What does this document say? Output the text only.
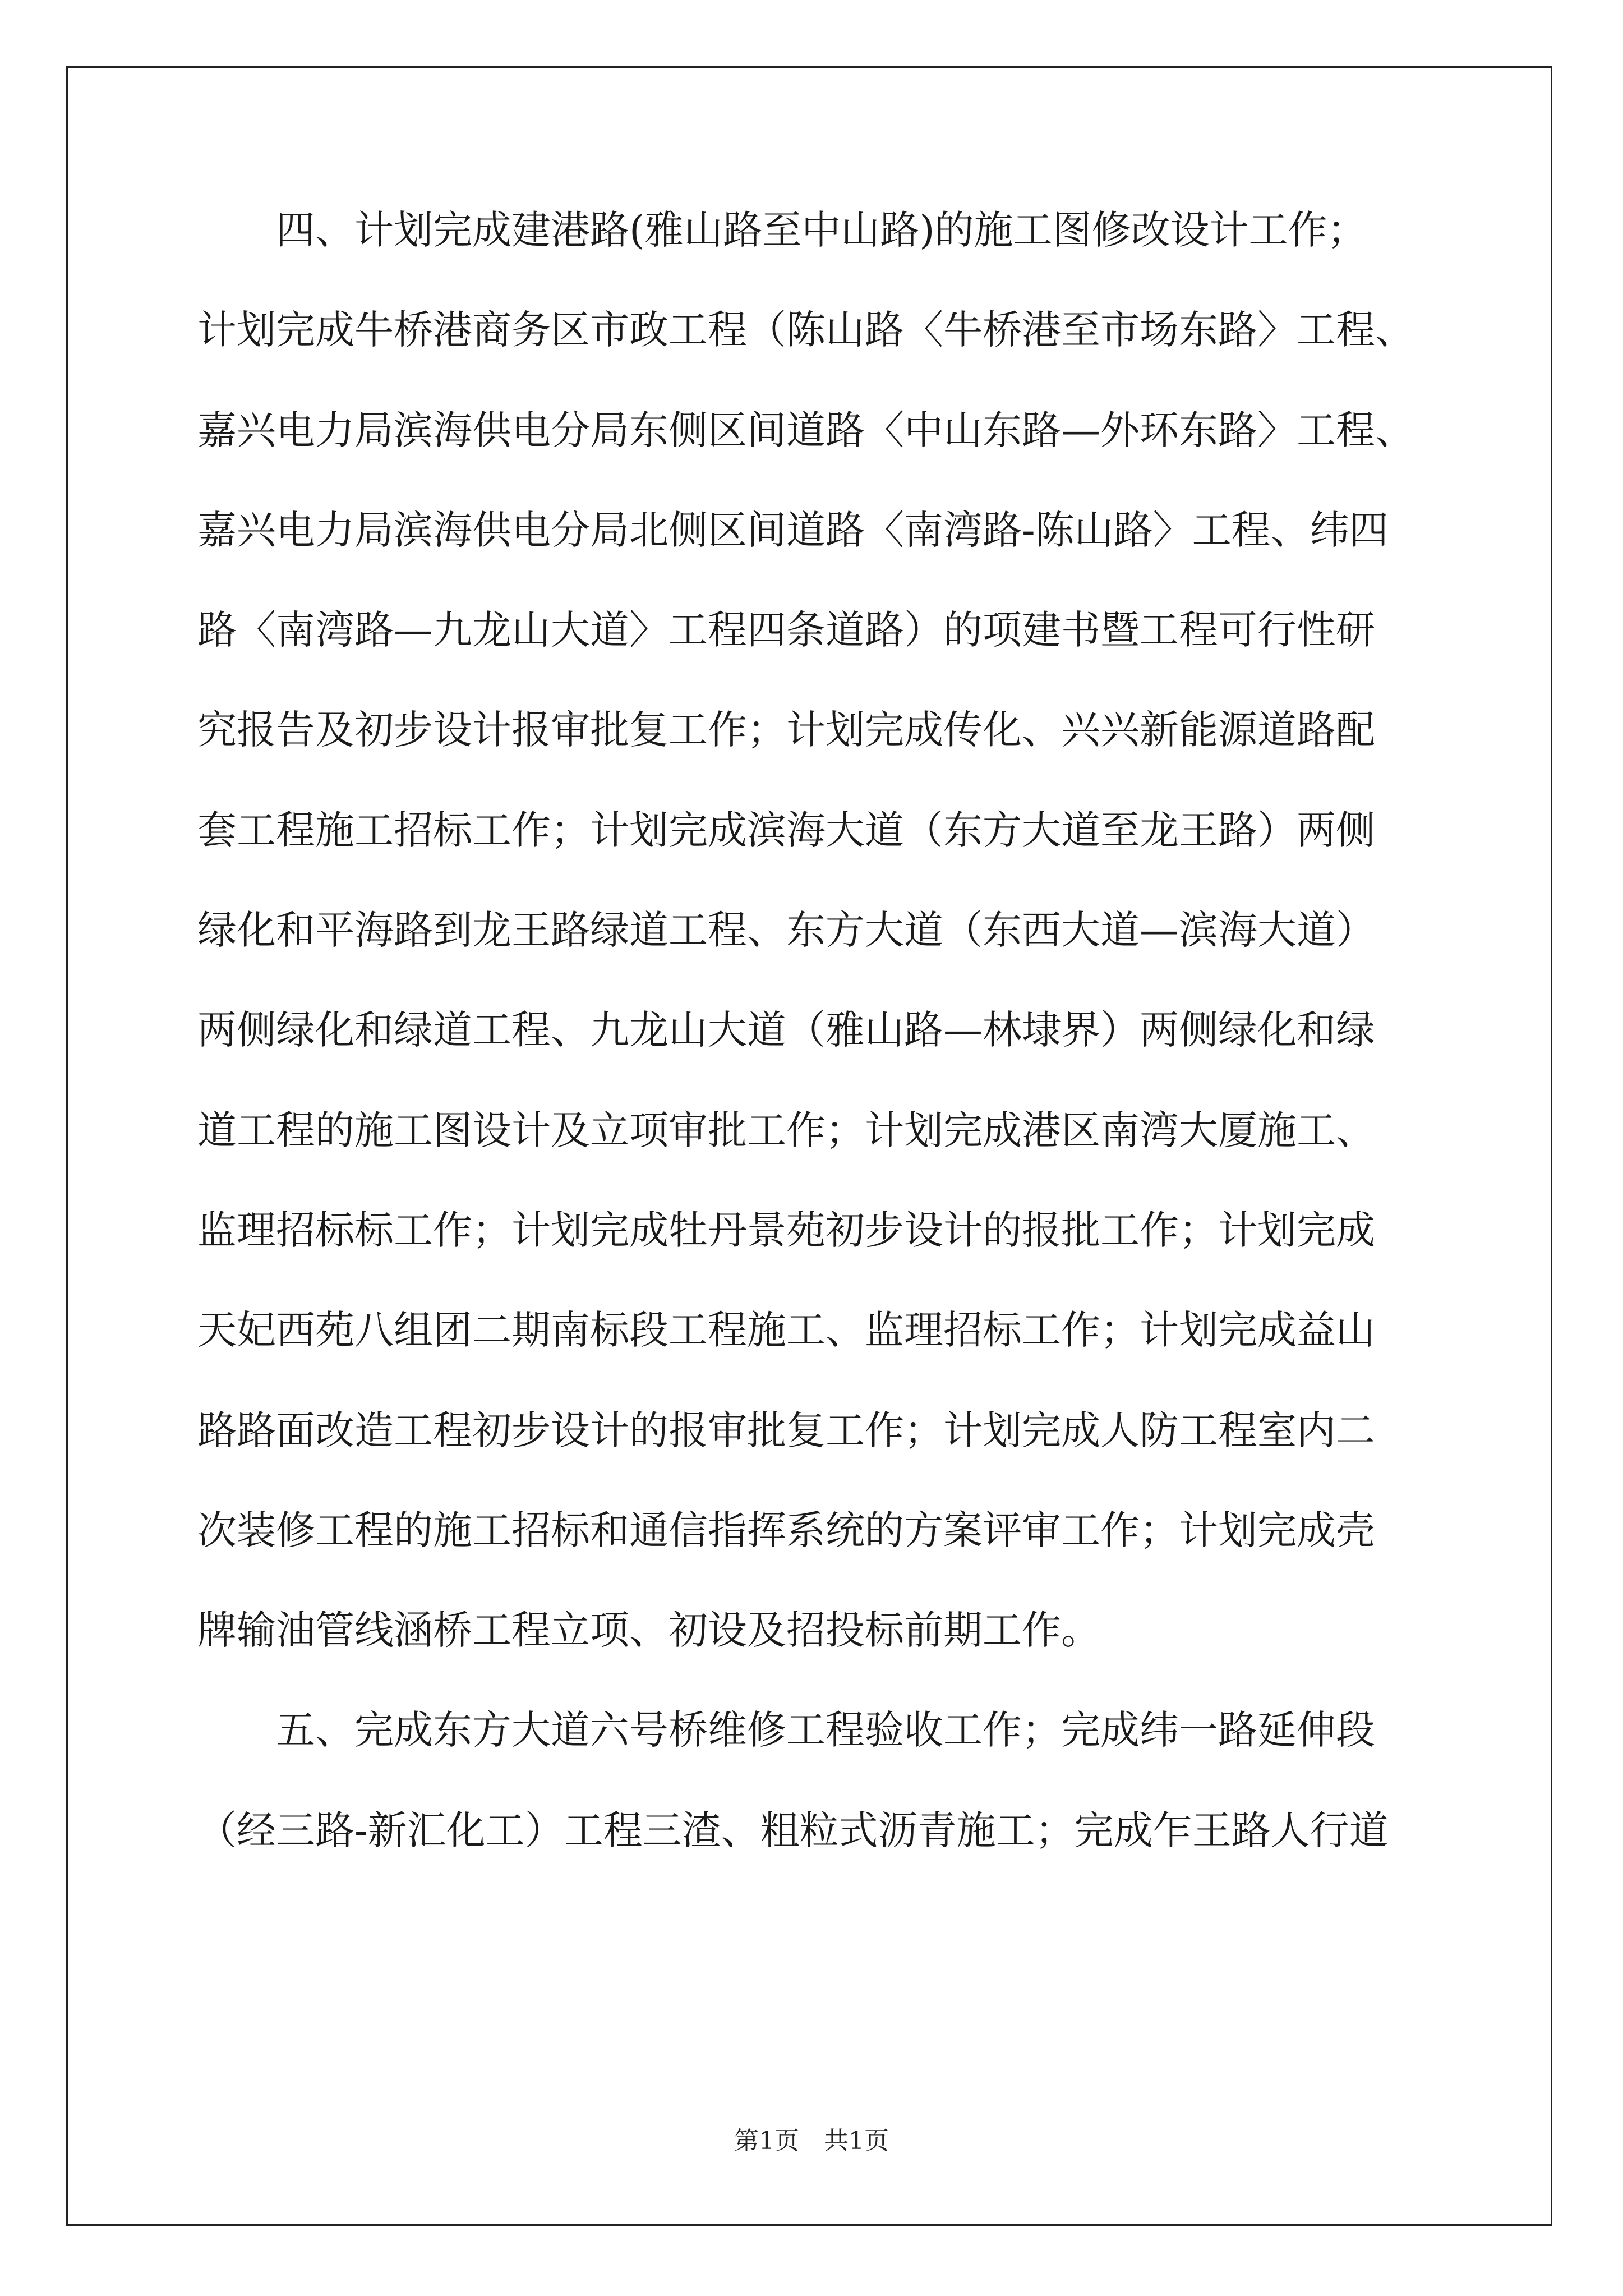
　　四、计划完成建港路(雅山路至中山路)的施工图修改设计工作；
计划完成牛桥港商务区市政工程（陈山路〈牛桥港至市场东路〉工程、
嘉兴电力局滨海供电分局东侧区间道路〈中山东路—外环东路〉工程、
嘉兴电力局滨海供电分局北侧区间道路〈南湾路-陈山路〉工程、纬四
路〈南湾路—九龙山大道〉工程四条道路）的项建书暨工程可行性研
究报告及初步设计报审批复工作；计划完成传化、兴兴新能源道路配
套工程施工招标工作；计划完成滨海大道（东方大道至龙王路）两侧
绿化和平海路到龙王路绿道工程、东方大道（东西大道—滨海大道）
两侧绿化和绿道工程、九龙山大道（雅山路—林埭界）两侧绿化和绿
道工程的施工图设计及立项审批工作；计划完成港区南湾大厦施工、
监理招标标工作；计划完成牡丹景苑初步设计的报批工作；计划完成
天妃西苑八组团二期南标段工程施工、监理招标工作；计划完成益山
路路面改造工程初步设计的报审批复工作；计划完成人防工程室内二
次装修工程的施工招标和通信指挥系统的方案评审工作；计划完成壳
牌输油管线涵桥工程立项、初设及招投标前期工作。
　　五、完成东方大道六号桥维修工程验收工作；完成纬一路延伸段
（经三路-新汇化工）工程三渣、粗粒式沥青施工；完成乍王路人行道
第1页　共1页
